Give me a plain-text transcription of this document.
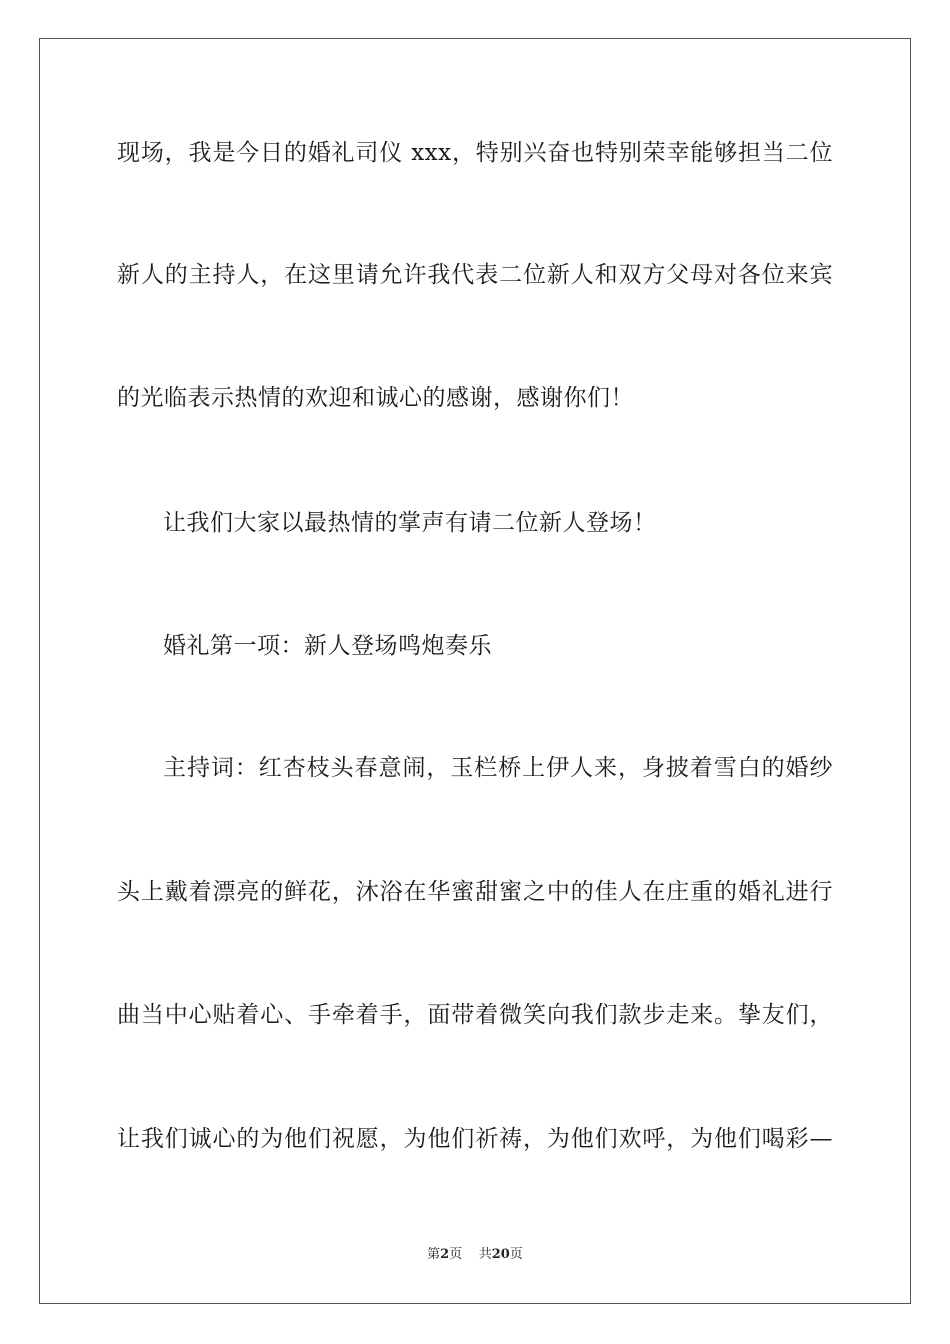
现场，我是今日的婚礼司仪 xxx，特别兴奋也特别荣幸能够担当二位
新人的主持人，在这里请允许我代表二位新人和双方父母对各位来宾
的光临表示热情的欢迎和诚心的感谢，感谢你们！
让我们大家以最热情的掌声有请二位新人登场！
婚礼第一项：新人登场鸣炮奏乐
主持词：红杏枝头春意闹，玉栏桥上伊人来，身披着雪白的婚纱
头上戴着漂亮的鲜花，沐浴在华蜜甜蜜之中的佳人在庄重的婚礼进行
曲当中心贴着心、手牵着手，面带着微笑向我们款步走来。挚友们，
让我们诚心的为他们祝愿，为他们祈祷，为他们欢呼，为他们喝彩—
第2页 共20页
